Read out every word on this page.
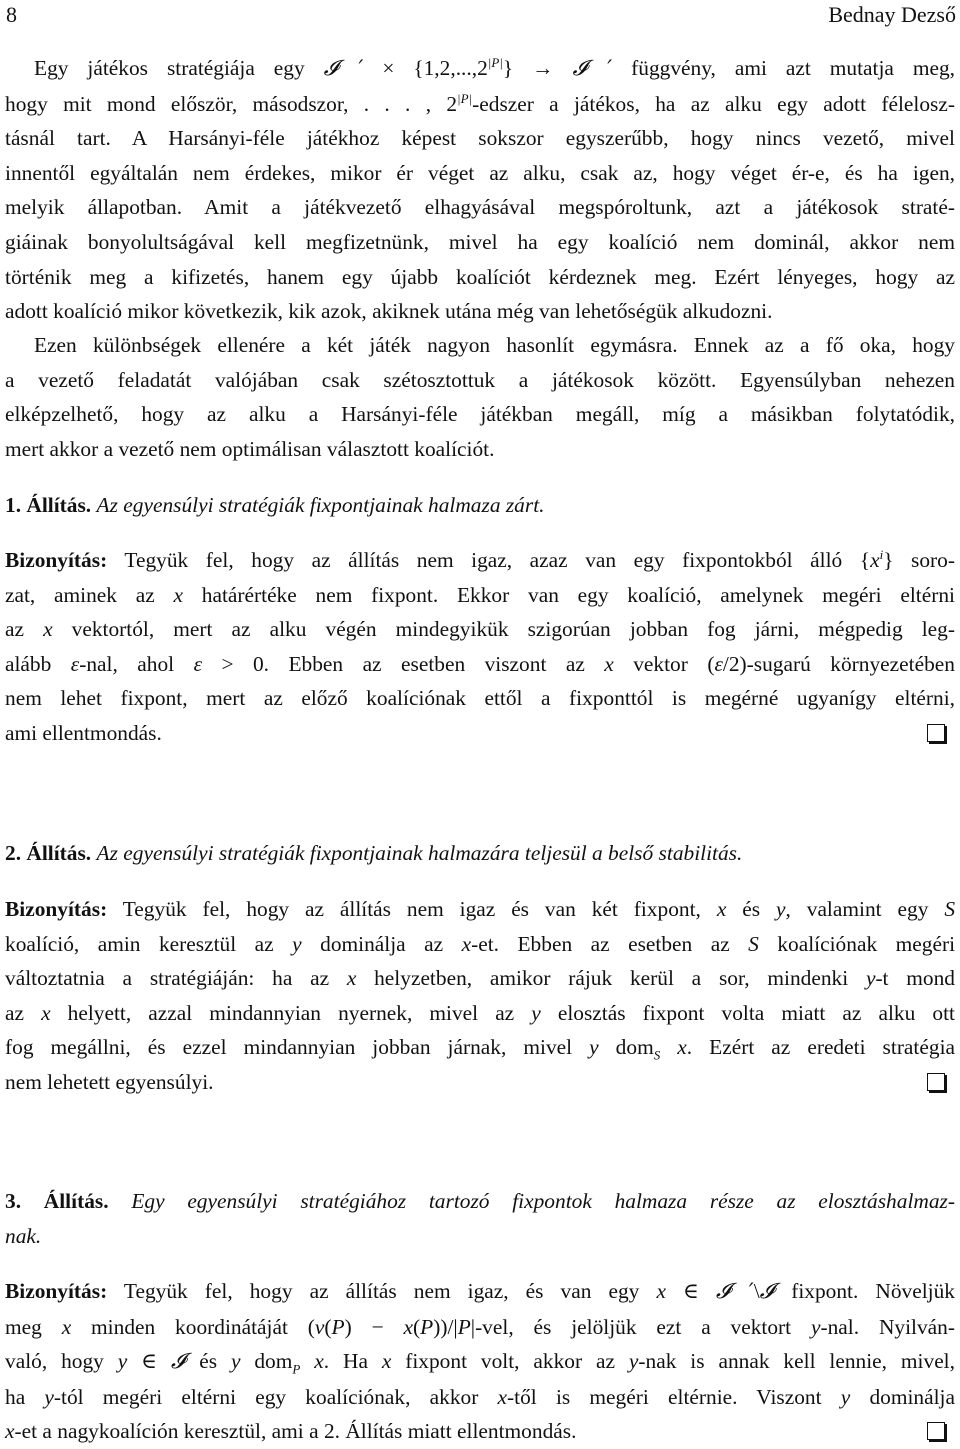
8	Bednay Dezső
Egy játékos stratégiája egy 𝓘 ′ × $\{1,2,...,2^{|P|}\}$ → 𝓘 ′ függvény, ami azt mutatja meg,
hogy mit mond először, másodszor, . . . , $2^{|P|}$-edszer a játékos, ha az alku egy adott félelosz-
tásnál tart. A Harsányi-féle játékhoz képest sokszor egyszerűbb, hogy nincs vezető, mivel
innentől egyáltalán nem érdekes, mikor ér véget az alku, csak az, hogy véget ér-e, és ha igen,
melyik állapotban. Amit a játékvezető elhagyásával megspóroltunk, azt a játékosok straté-
giáinak bonyolultságával kell megfizetnünk, mivel ha egy koalíció nem dominál, akkor nem
történik meg a kifizetés, hanem egy újabb koalíciót kérdeznek meg. Ezért lényeges, hogy az
adott koalíció mikor következik, kik azok, akiknek utána még van lehetőségük alkudozni.
Ezen különbségek ellenére a két játék nagyon hasonlít egymásra. Ennek az a fő oka, hogy
a vezető feladatát valójában csak szétosztottuk a játékosok között. Egyensúlyban nehezen
elképzelhető, hogy az alku a Harsányi-féle játékban megáll, míg a másikban folytatódik,
mert akkor a vezető nem optimálisan választott koalíciót.
1. Állítás. Az egyensúlyi stratégiák fixpontjainak halmaza zárt.
Bizonyítás: Tegyük fel, hogy az állítás nem igaz, azaz van egy fixpontokból álló $\{x^i\}$ soro-
zat, aminek az x határértéke nem fixpont. Ekkor van egy koalíció, amelynek megéri eltérni
az x vektortól, mert az alku végén mindegyikük szigorúan jobban fog járni, mégpedig leg-
alább ε-nal, ahol ε > 0. Ebben az esetben viszont az x vektor (ε/2)-sugarú környezetében
nem lehet fixpont, mert az előző koalíciónak ettől a fixponttól is megérné ugyanígy eltérni,
ami ellentmondás.
2. Állítás. Az egyensúlyi stratégiák fixpontjainak halmazára teljesül a belső stabilitás.
Bizonyítás: Tegyük fel, hogy az állítás nem igaz és van két fixpont, x és y, valamint egy S
koalíció, amin keresztül az y dominálja az x-et. Ebben az esetben az S koalíciónak megéri
változtatnia a stratégiáján: ha az x helyzetben, amikor rájuk kerül a sor, mindenki y-t mond
az x helyett, azzal mindannyian nyernek, mivel az y elosztás fixpont volta miatt az alku ott
fog megállni, és ezzel mindannyian jobban járnak, mivel y dom$_S$ x. Ezért az eredeti stratégia
nem lehetett egyensúlyi.
3. Állítás. Egy egyensúlyi stratégiához tartozó fixpontok halmaza része az elosztáshalmaz-
nak.
Bizonyítás: Tegyük fel, hogy az állítás nem igaz, és van egy x ∈ 𝓘 ′\𝓘 fixpont. Növeljük
meg x minden koordinátáját (v(P) − x(P))/|P|-vel, és jelöljük ezt a vektort y-nal. Nyilván-
való, hogy y ∈ 𝓘 és y dom$_P$ x. Ha x fixpont volt, akkor az y-nak is annak kell lennie, mivel,
ha y-tól megéri eltérni egy koalíciónak, akkor x-től is megéri eltérnie. Viszont y dominálja
x-et a nagykoalíción keresztül, ami a 2. Állítás miatt ellentmondás.
